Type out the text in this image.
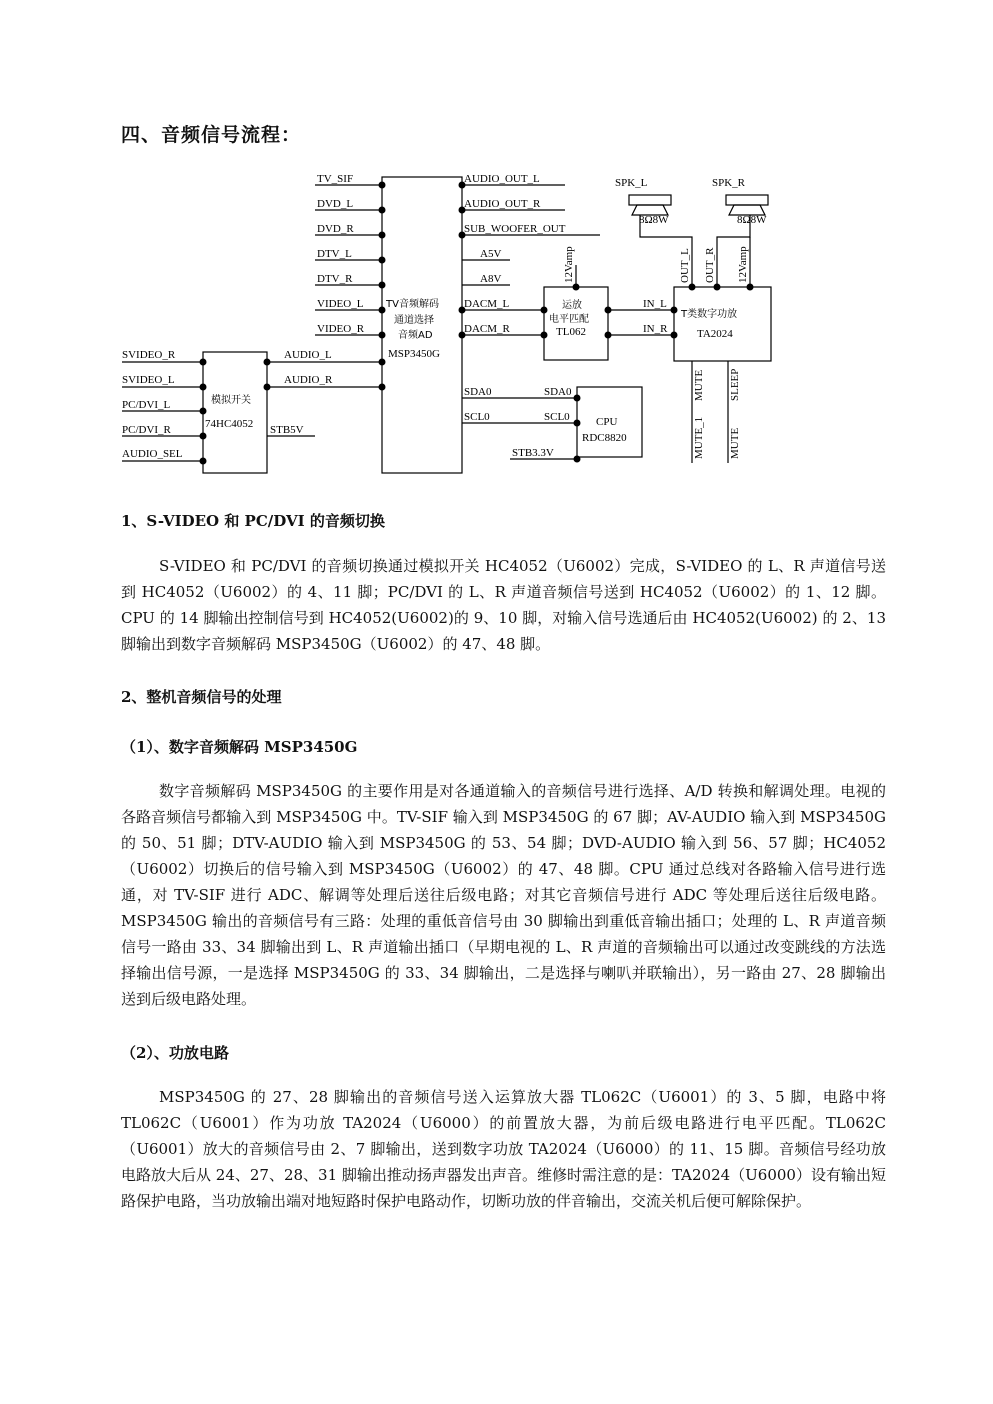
四、音频信号流程：
SVIDEO_R
SVIDEO_L
PC/DVI_L
PC/DVI_R
AUDIO_SEL
模拟开关
74HC4052 STB5V
AUDIO_L
AUDIO_R
TV_SIF
DVD_L
DVD_R
DTV_L
DTV_R
VIDEO_L
VIDEO_R
TV音频解码
通道选择
音频AD
MSP3450G
AUDIO_OUT_L
AUDIO_OUT_R
SUB_WOOFER_OUT
A5V
A8V
DACM_L
DACM_R
SDA0
SCL0
SDA0
SCL0
STB3.3V
CPU
RDC8820
运放
电平匹配
TL062
12Vamp
IN_L
IN_R
T类数字功放
TA2024
OUT_L OUT_R 12Vamp
MUTE SLEEP
MUTE_1 MUTE
SPK_L	SPK_R
8Ω8W	8Ω8W
1、S-VIDEO 和 PC/DVI 的音频切换

S-VIDEO 和 PC/DVI 的音频切换通过模拟开关 HC4052（U6002）完成，S-VIDEO 的 L、R 声道信号送到 HC4052（U6002）的 4、11 脚；PC/DVI 的 L、R 声道音频信号送到 HC4052（U6002）的 1、12 脚。CPU 的 14 脚输出控制信号到 HC4052(U6002)的 9、10 脚，对输入信号选通后由 HC4052(U6002) 的 2、13 脚输出到数字音频解码 MSP3450G（U6002）的 47、48 脚。

2、整机音频信号的处理
（1）、数字音频解码 MSP3450G

数字音频解码 MSP3450G 的主要作用是对各通道输入的音频信号进行选择、A/D 转换和解调处理。电视的各路音频信号都输入到 MSP3450G 中。TV-SIF 输入到 MSP3450G 的 67 脚；AV-AUDIO 输入到 MSP3450G 的 50、51 脚；DTV-AUDIO 输入到 MSP3450G 的 53、54 脚；DVD-AUDIO 输入到 56、57 脚；HC4052（U6002）切换后的信号输入到 MSP3450G（U6002）的 47、48 脚。CPU 通过总线对各路输入信号进行选通，对 TV-SIF 进行 ADC、解调等处理后送往后级电路；对其它音频信号进行 ADC 等处理后送往后级电路。MSP3450G 输出的音频信号有三路：处理的重低音信号由 30 脚输出到重低音输出插口；处理的 L、R 声道音频信号一路由 33、34 脚输出到 L、R 声道输出插口（早期电视的 L、R 声道的音频输出可以通过改变跳线的方法选择输出信号源，一是选择 MSP3450G 的 33、34 脚输出，二是选择与喇叭并联输出），另一路由 27、28 脚输出送到后级电路处理。

（2）、功放电路

MSP3450G 的 27、28 脚输出的音频信号送入运算放大器 TL062C（U6001）的 3、5 脚，电路中将 TL062C（U6001）作为功放 TA2024（U6000）的前置放大器，为前后级电路进行电平匹配。TL062C（U6001）放大的音频信号由 2、7 脚输出，送到数字功放 TA2024（U6000）的 11、15 脚。音频信号经功放电路放大后从 24、27、28、31 脚输出推动扬声器发出声音。维修时需注意的是：TA2024（U6000）设有输出短路保护电路，当功放输出端对地短路时保护电路动作，切断功放的伴音输出，交流关机后便可解除保护。
